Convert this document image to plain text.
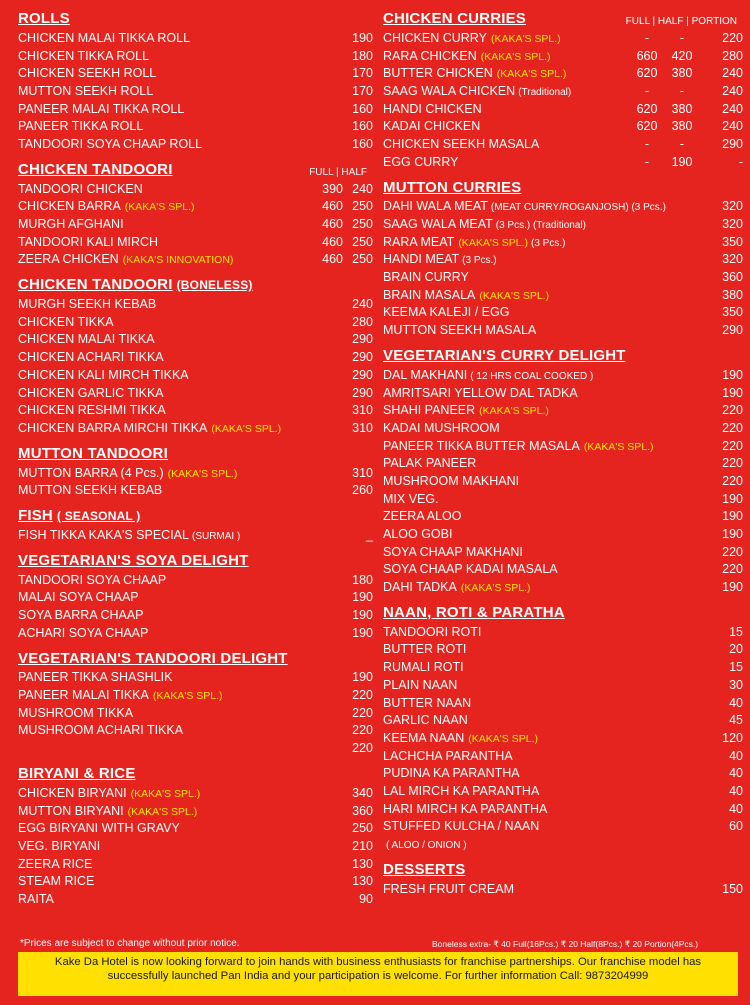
ROLLS
CHICKEN MALAI TIKKA ROLL	190
CHICKEN TIKKA ROLL	180
CHICKEN SEEKH ROLL	170
MUTTON SEEKH ROLL	170
PANEER MALAI TIKKA ROLL	160
PANEER TIKKA ROLL	160
TANDOORI SOYA CHAAP ROLL	160
CHICKEN TANDOORI	FULL | HALF
TANDOORI CHICKEN	390 240
CHICKEN BARRA (KAKA'S SPL.)	460 250
MURGH AFGHANI	460 250
TANDOORI KALI MIRCH	460 250
ZEERA CHICKEN (KAKA'S INNOVATION)	460 250
CHICKEN TANDOORI (BONELESS)
MURGH SEEKH KEBAB	240
CHICKEN TIKKA	280
CHICKEN MALAI TIKKA	290
CHICKEN ACHARI TIKKA	290
CHICKEN KALI MIRCH TIKKA	290
CHICKEN GARLIC TIKKA	290
CHICKEN RESHMI TIKKA	310
CHICKEN BARRA MIRCHI TIKKA (KAKA'S SPL.)	310
MUTTON TANDOORI
MUTTON BARRA (4 Pcs.) (KAKA'S SPL.)	310
MUTTON SEEKH KEBAB	260
FISH ( SEASONAL )
FISH TIKKA KAKA'S SPECIAL (SURMAI )	_
VEGETARIAN'S SOYA DELIGHT
TANDOORI SOYA CHAAP	180
MALAI SOYA CHAAP	190
SOYA BARRA CHAAP	190
ACHARI SOYA CHAAP	190
VEGETARIAN'S TANDOORI DELIGHT
PANEER TIKKA SHASHLIK	190
PANEER MALAI TIKKA (KAKA'S SPL.)	220
MUSHROOM TIKKA	220
MUSHROOM ACHARI TIKKA	220
220
BIRYANI & RICE
CHICKEN BIRYANI (KAKA'S SPL.)	340
MUTTON BIRYANI (KAKA'S SPL.)	360
EGG BIRYANI WITH GRAVY	250
VEG. BIRYANI	210
ZEERA RICE	130
STEAM RICE	130
RAITA	90
CHICKEN CURRIES	FULL | HALF | PORTION
CHICKEN CURRY (KAKA'S SPL.)	-	-	220
RARA CHICKEN (KAKA'S SPL.)	660	420	280
BUTTER CHICKEN (KAKA'S SPL.)	620	380	240
SAAG WALA CHICKEN (Traditional)	-	-	240
HANDI CHICKEN	620	380	240
KADAI CHICKEN	620	380	240
CHICKEN SEEKH MASALA	-	-	290
EGG CURRY	-	190	-
MUTTON CURRIES
DAHI WALA MEAT (MEAT CURRY/ROGANJOSH) (3 Pcs.)	320
SAAG WALA MEAT (3 Pcs.) (Traditional)	320
RARA MEAT (KAKA'S SPL.) (3 Pcs.)	350
HANDI MEAT (3 Pcs.)	320
BRAIN CURRY	360
BRAIN MASALA (KAKA'S SPL.)	380
KEEMA KALEJI / EGG	350
MUTTON SEEKH MASALA	290
VEGETARIAN'S CURRY DELIGHT
DAL MAKHANI ( 12 HRS COAL COOKED )	190
AMRITSARI YELLOW DAL TADKA	190
SHAHI PANEER (KAKA'S SPL.)	220
KADAI MUSHROOM	220
PANEER TIKKA BUTTER MASALA (KAKA'S SPL.)	220
PALAK PANEER	220
MUSHROOM MAKHANI	220
MIX VEG.	190
ZEERA ALOO	190
ALOO GOBI	190
SOYA CHAAP MAKHANI	220
SOYA CHAAP KADAI MASALA	220
DAHI TADKA (KAKA'S SPL.)	190
NAAN, ROTI & PARATHA
TANDOORI ROTI	15
BUTTER ROTI	20
RUMALI ROTI	15
PLAIN NAAN	30
BUTTER NAAN	40
GARLIC NAAN	45
KEEMA NAAN (KAKA'S SPL.)	120
LACHCHA PARANTHA	40
PUDINA KA PARANTHA	40
LAL MIRCH KA PARANTHA	40
HARI MIRCH KA PARANTHA	40
STUFFED KULCHA / NAAN	60
( ALOO / ONION )
DESSERTS
FRESH FRUIT CREAM	150
*Prices are subject to change without prior notice.	Boneless extra- ₹ 40 Full(16Pcs.) ₹ 20 Half(8Pcs.) ₹ 20 Portion(4Pcs.)
Kake Da Hotel is now looking forward to join hands with business enthusiasts for franchise partnerships. Our franchise model has
successfully launched Pan India and your participation is welcome. For further information Call: 9873204999
